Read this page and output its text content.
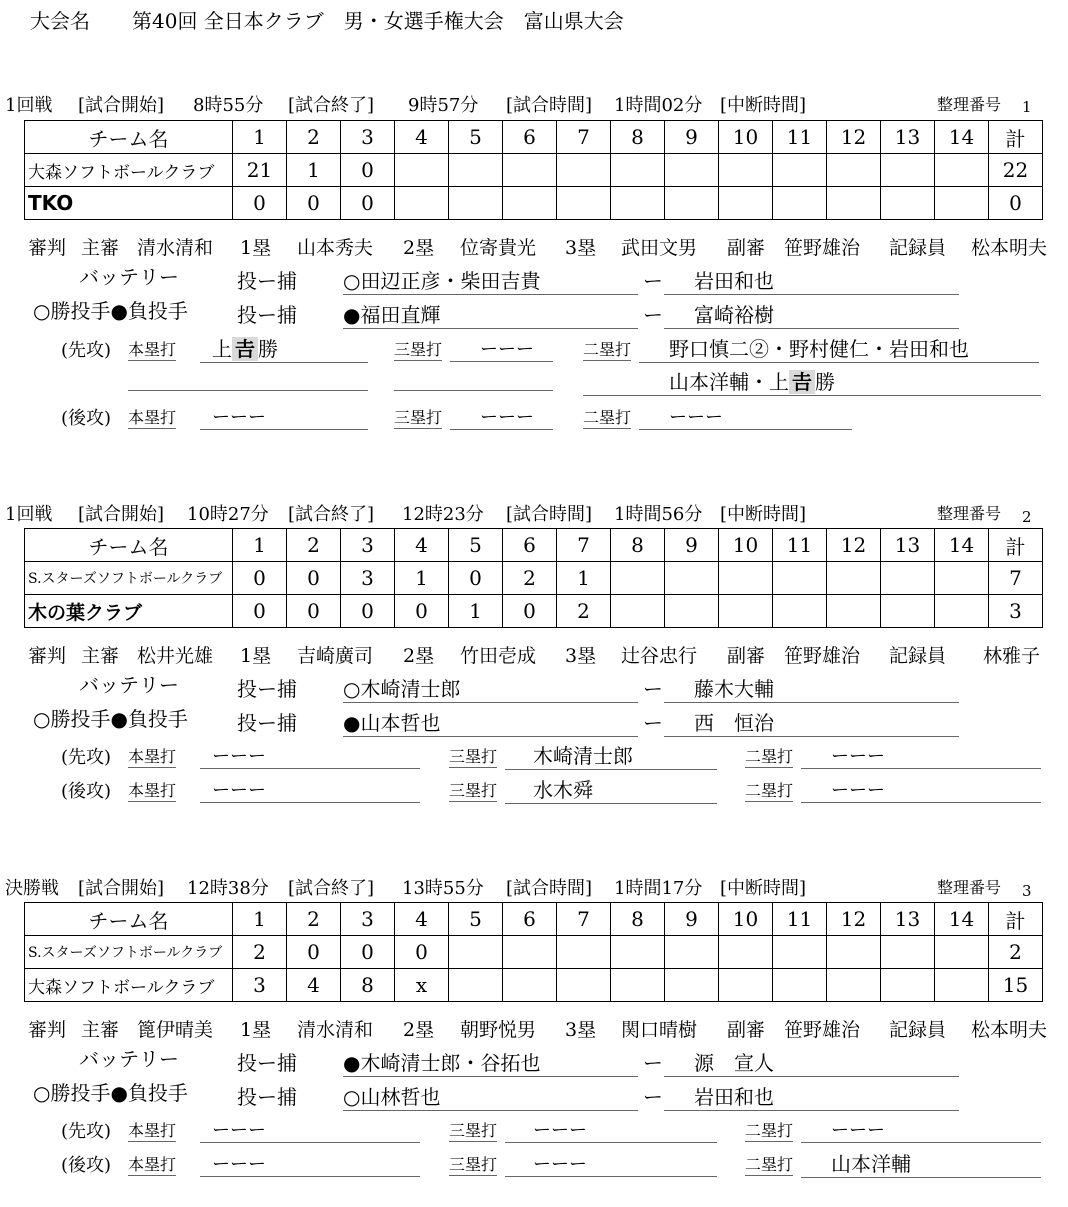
大会名 第40回 全日本クラブ　男・女選手権大会　富山県大会
1回戦 [試合開始] 8時55分 [試合終了] 9時57分 [試合時間] 1時間02分 [中断時間]	整理番号 1
チーム名	1	2	3	4	5	6	7	8	9	10	11	12	13	14	計
大森ソフトボールクラブ	21	1	0												22
TKO	0	0	0												0
審判 主審 清水清和 1塁 山本秀夫 2塁 位寄貴光 3塁 武田文男 副審 笹野雄治 記録員 松本明夫
バッテリー
○勝投手●負投手
投ー捕 ○田辺正彦・柴田吉貴	ー	岩田和也
投ー捕 ●福田直輝	ー	富崎裕樹
(先攻) 本塁打	上 𠮷 勝	三塁打	ーーー	二塁打	野口慎二②・野村健仁・岩田和也
山本洋輔・上 𠮷 勝
(後攻) 本塁打	ーーー	三塁打	ーーー	二塁打	ーーー
1回戦 [試合開始] 10時27分 [試合終了] 12時23分 [試合時間] 1時間56分 [中断時間]	整理番号 2
チーム名	1	2	3	4	5	6	7	8	9	10	11	12	13	14	計
S.スターズソフトボールクラブ	0	0	3	1	0	2	1								7
木の葉クラブ	0	0	0	0	1	0	2								3
審判 主審 松井光雄 1塁 吉崎廣司 2塁 竹田壱成 3塁 辻谷忠行 副審 笹野雄治 記録員 林雅子
バッテリー
○勝投手●負投手
投ー捕 ○木崎清士郎	ー	藤木大輔
投ー捕 ●山本哲也	ー	西　恒治
(先攻) 本塁打	ーーー	三塁打	木崎清士郎	二塁打	ーーー
(後攻) 本塁打	ーーー	三塁打	水木舜	二塁打	ーーー
決勝戦 [試合開始] 12時38分 [試合終了] 13時55分 [試合時間] 1時間17分 [中断時間]	整理番号 3
チーム名	1	2	3	4	5	6	7	8	9	10	11	12	13	14	計
S.スターズソフトボールクラブ	2	0	0	0											2
大森ソフトボールクラブ	3	4	8	x											15
審判 主審 篦伊晴美 1塁 清水清和 2塁 朝野悦男 3塁 関口晴樹 副審 笹野雄治 記録員 松本明夫
バッテリー
○勝投手●負投手
投ー捕 ●木崎清士郎・谷拓也	ー	源　宣人
投ー捕 ○山林哲也	ー	岩田和也
(先攻) 本塁打	ーーー	三塁打	ーーー	二塁打	ーーー
(後攻) 本塁打	ーーー	三塁打	ーーー	二塁打	山本洋輔
